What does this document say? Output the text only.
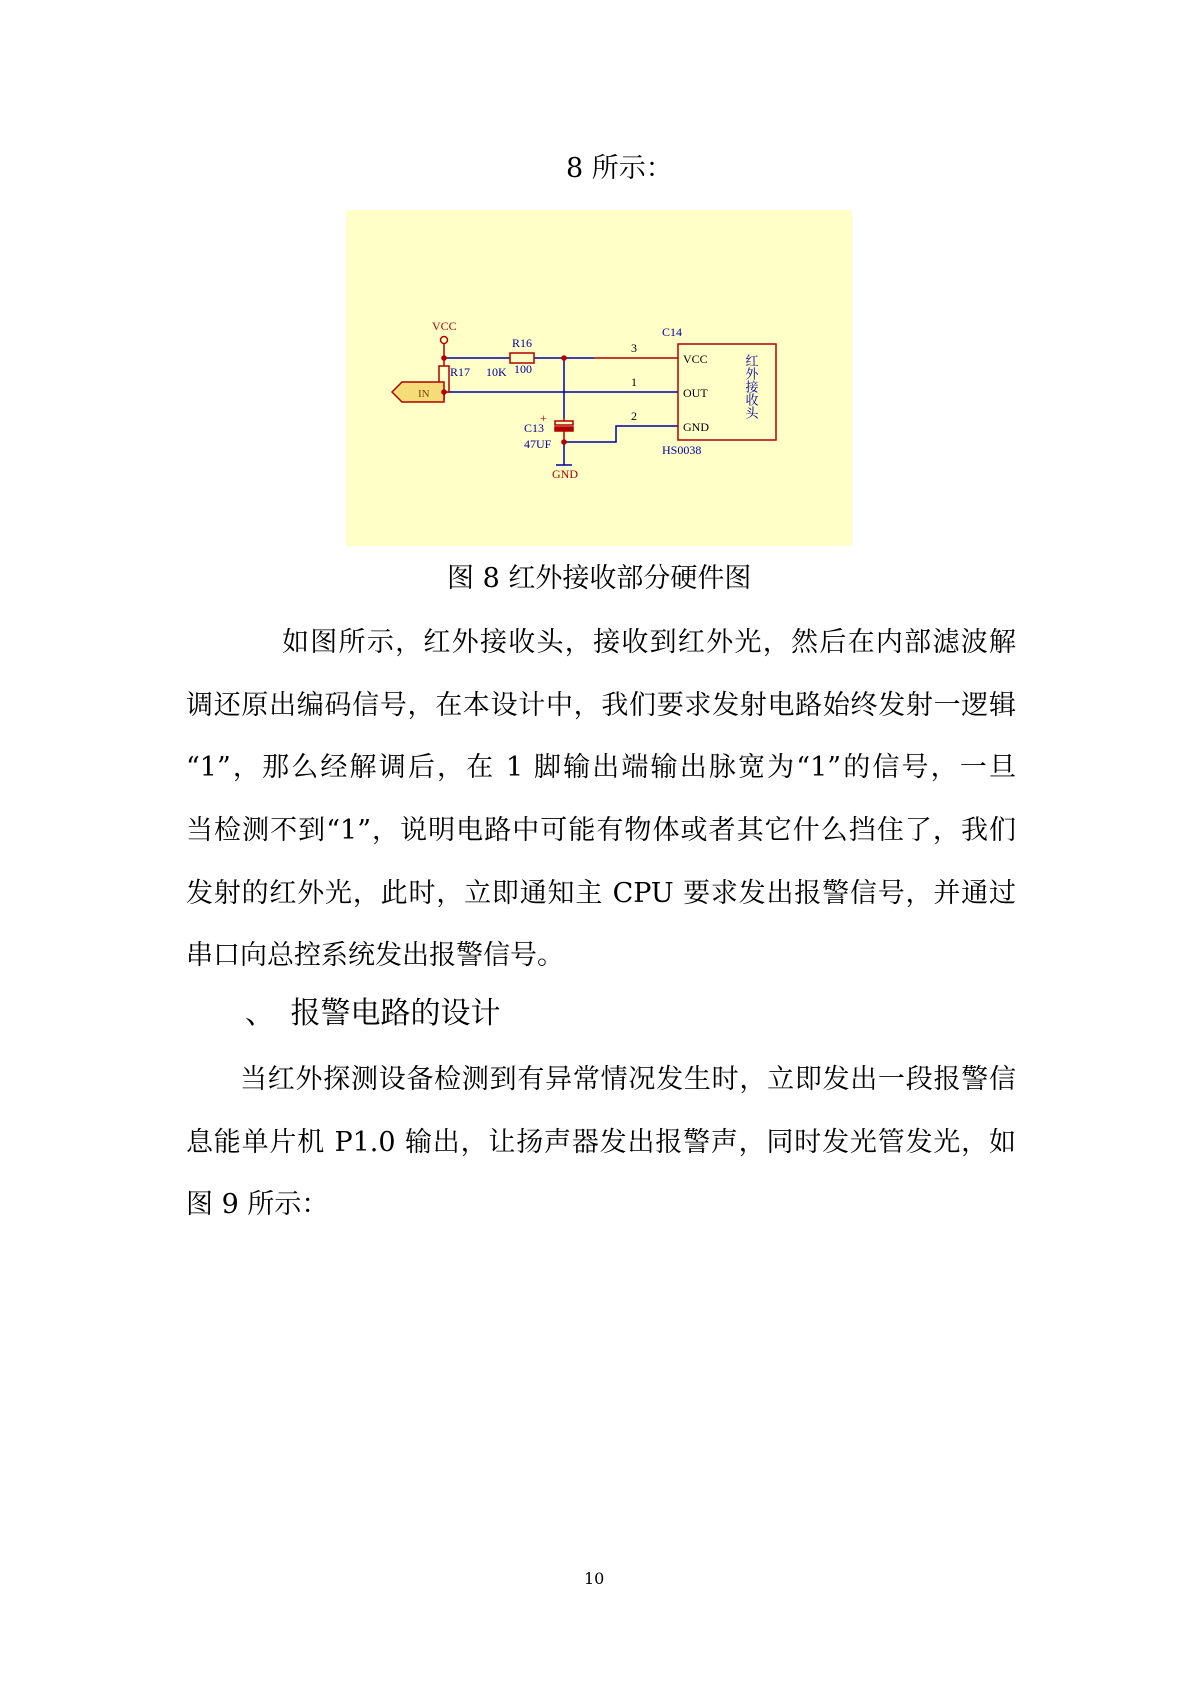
8 所示：
VCC
R16
100
R17 10K
IN
C13
47UF
+
GND
C14
3
1
2
VCC
OUT
GND
HS0038
红外接收头
图 8 红外接收部分硬件图
如图所示，红外接收头，接收到红外光，然后在内部滤波解
调还原出编码信号，在本设计中，我们要求发射电路始终发射一逻辑
“1”，那么经解调后，在 1 脚输出端输出脉宽为“1”的信号，一旦
当检测不到“1”，说明电路中可能有物体或者其它什么挡住了，我们
发射的红外光，此时，立即通知主 CPU 要求发出报警信号，并通过
串口向总控系统发出报警信号。
、 报警电路的设计
当红外探测设备检测到有异常情况发生时，立即发出一段报警信
息能单片机 P1.0 输出，让扬声器发出报警声，同时发光管发光，如
图 9 所示：
10
